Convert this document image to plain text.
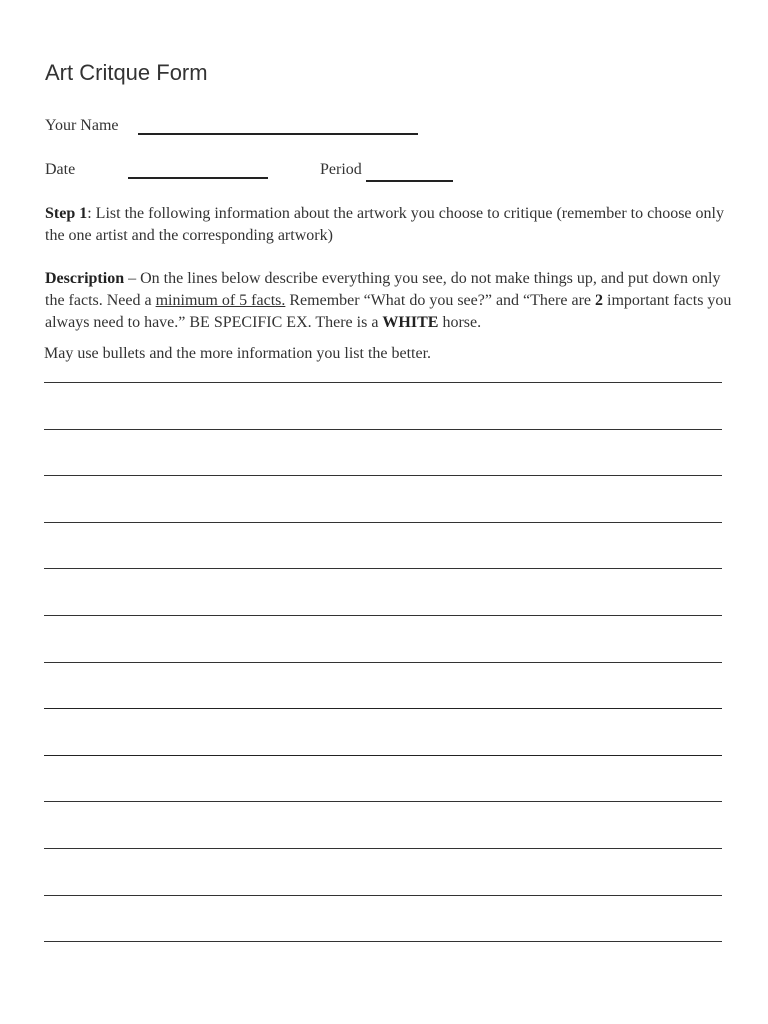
Art Critque Form
Your Name
Date	Period
Step 1: List the following information about the artwork you choose to critique (remember to choose only the one artist and the corresponding artwork)
Description – On the lines below describe everything you see, do not make things up, and put down only the facts. Need a minimum of 5 facts. Remember “What do you see?” and “There are 2 important facts you always need to have.” BE SPECIFIC EX. There is a WHITE horse.
May use bullets and the more information you list the better.
